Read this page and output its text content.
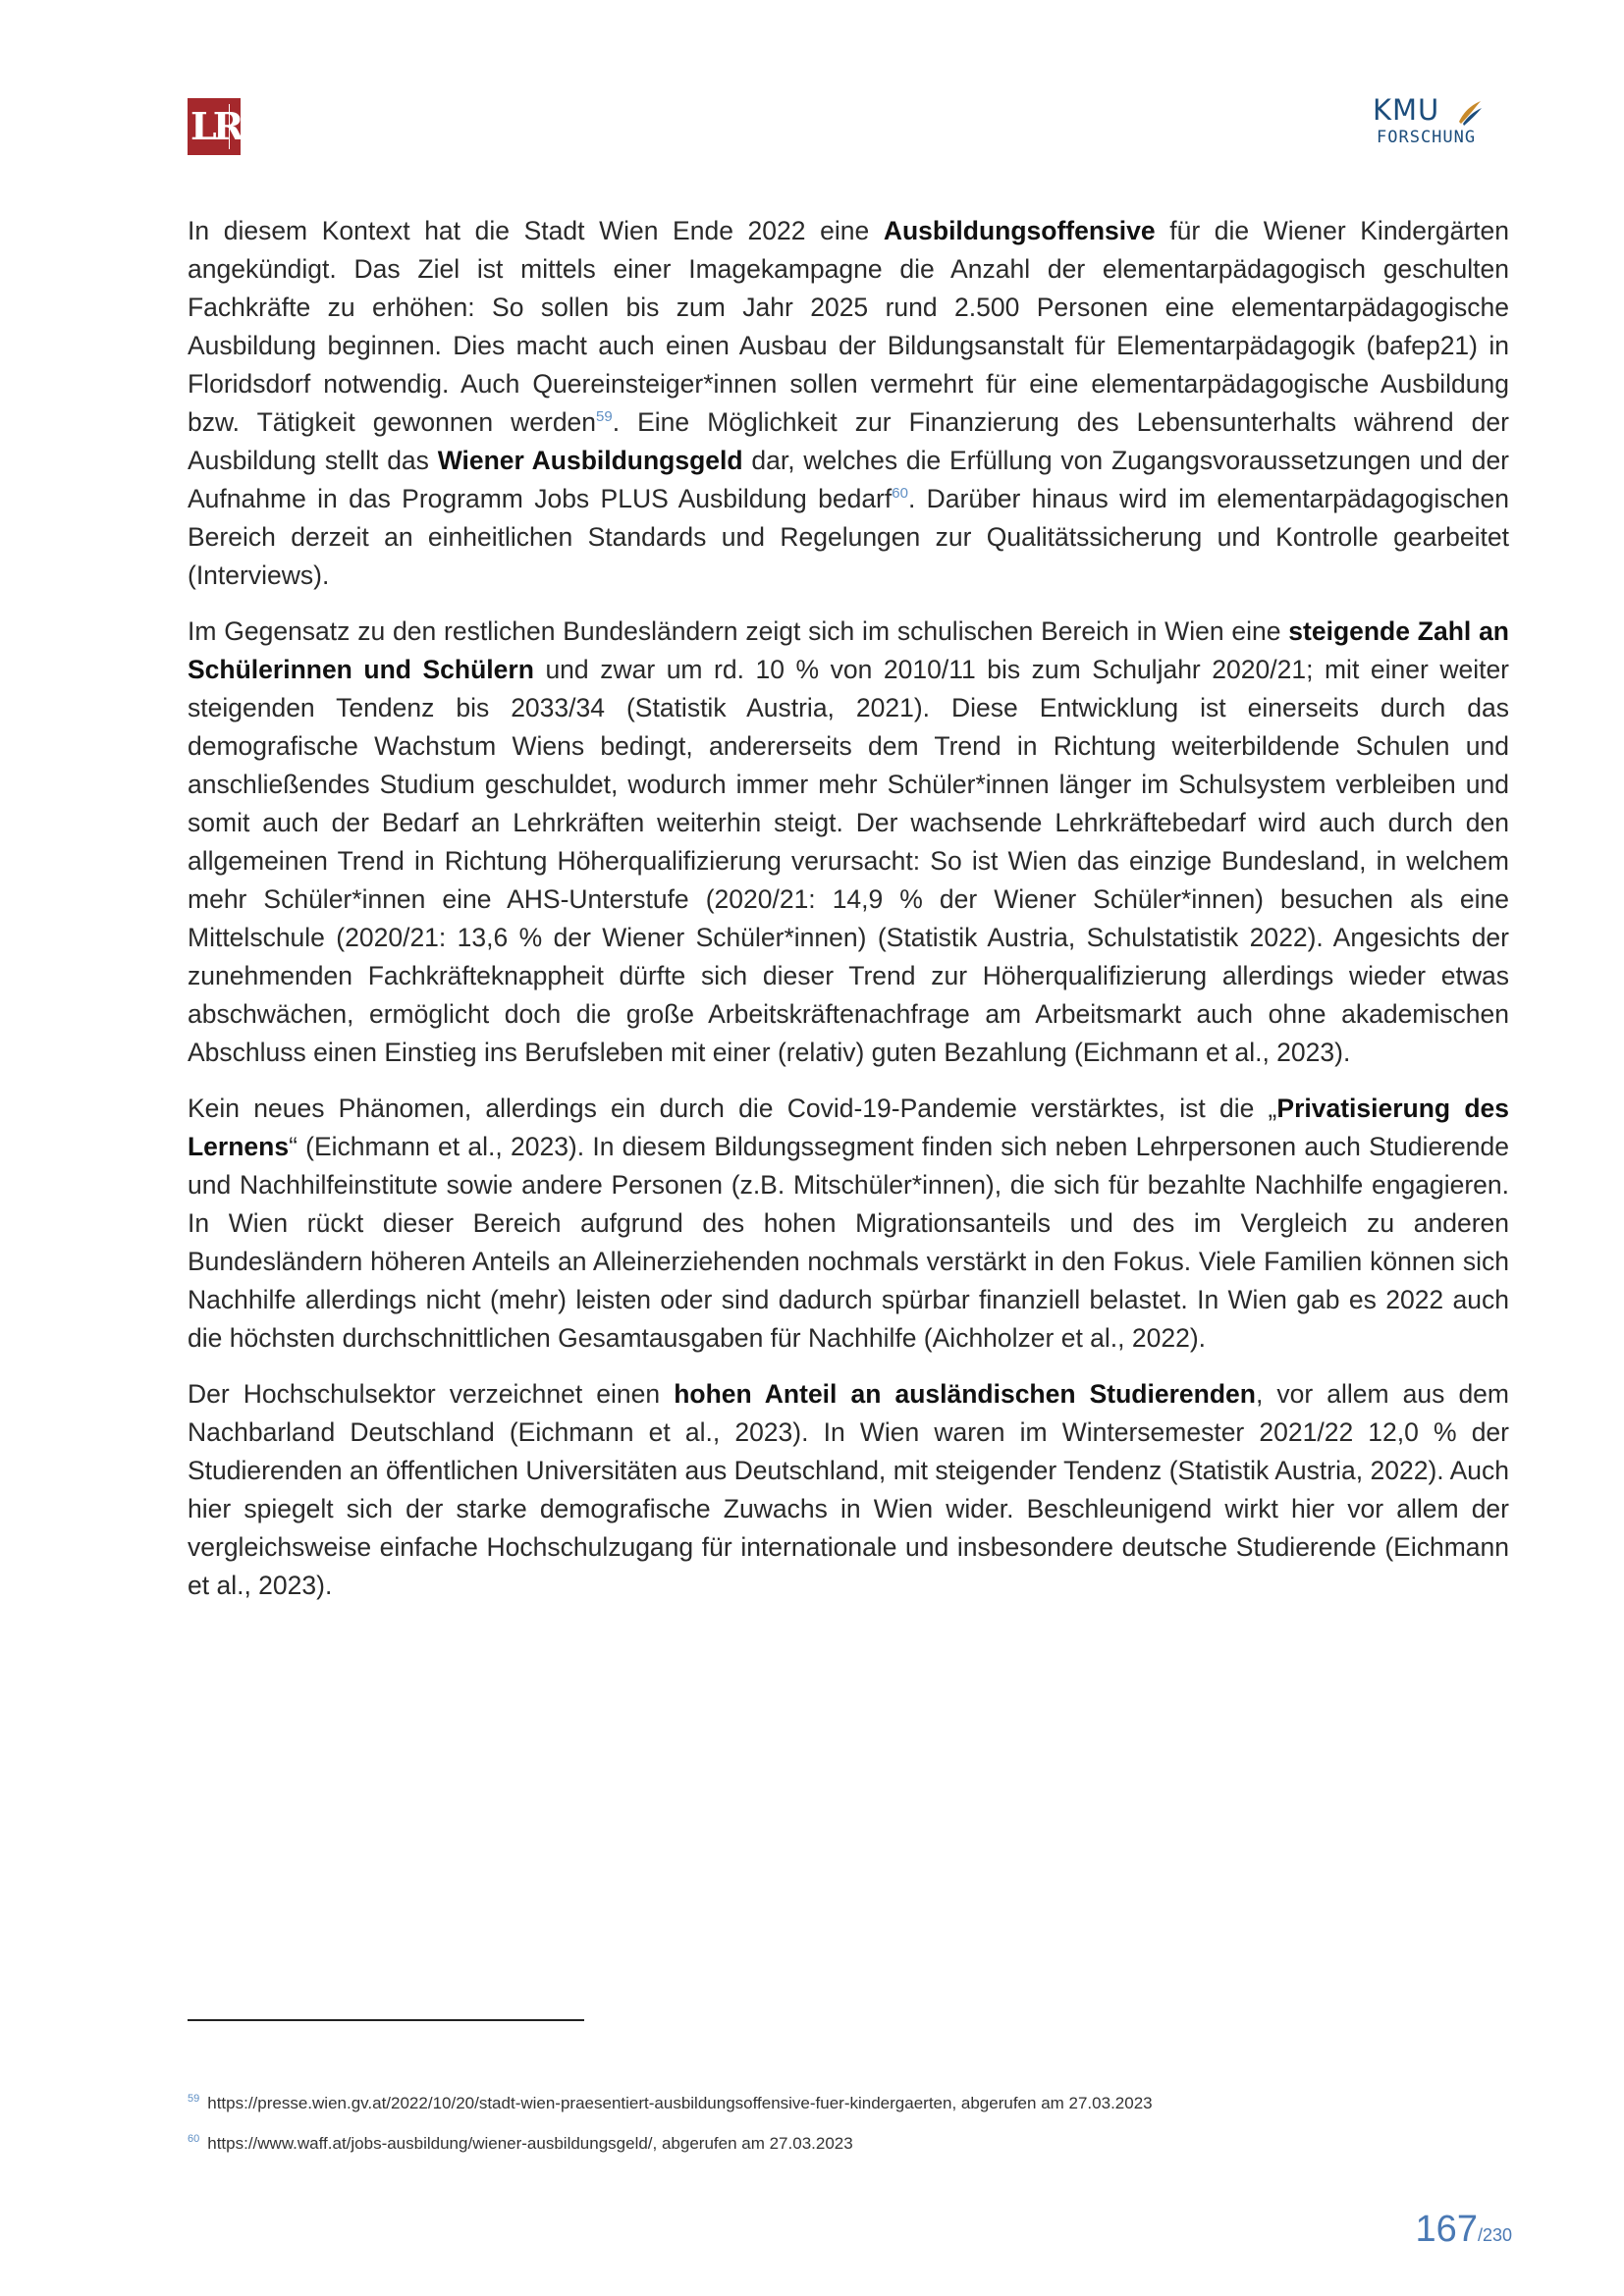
LR	KMU
FORSCHUNG

In diesem Kontext hat die Stadt Wien Ende 2022 eine Ausbildungsoffensive für die Wiener Kindergärten angekündigt. Das Ziel ist mittels einer Imagekampagne die Anzahl der elementarpädagogisch geschulten Fachkräfte zu erhöhen: So sollen bis zum Jahr 2025 rund 2.500 Personen eine elementarpädagogische Ausbildung beginnen. Dies macht auch einen Ausbau der Bildungsanstalt für Elementarpädagogik (bafep21) in Floridsdorf notwendig. Auch Quereinsteiger*innen sollen vermehrt für eine elementarpädagogische Ausbildung bzw. Tätigkeit gewonnen werden$^{59}$. Eine Möglichkeit zur Finanzierung des Lebensunterhalts während der Ausbildung stellt das Wiener Ausbildungsgeld dar, welches die Erfüllung von Zugangsvoraussetzungen und der Aufnahme in das Programm Jobs PLUS Ausbildung bedarf$^{60}$. Darüber hinaus wird im elementarpädagogischen Bereich derzeit an einheitlichen Standards und Regelungen zur Qualitätssicherung und Kontrolle gearbeitet (Interviews).

Im Gegensatz zu den restlichen Bundesländern zeigt sich im schulischen Bereich in Wien eine steigende Zahl an Schülerinnen und Schülern und zwar um rd. 10 % von 2010/11 bis zum Schuljahr 2020/21; mit einer weiter steigenden Tendenz bis 2033/34 (Statistik Austria, 2021). Diese Entwicklung ist einerseits durch das demografische Wachstum Wiens bedingt, andererseits dem Trend in Richtung weiterbildende Schulen und anschließendes Studium geschuldet, wodurch immer mehr Schüler*innen länger im Schulsystem verbleiben und somit auch der Bedarf an Lehrkräften weiterhin steigt. Der wachsende Lehrkräftebedarf wird auch durch den allgemeinen Trend in Richtung Höherqualifizierung verursacht: So ist Wien das einzige Bundesland, in welchem mehr Schüler*innen eine AHS-Unterstufe (2020/21: 14,9 % der Wiener Schüler*innen) besuchen als eine Mittelschule (2020/21: 13,6 % der Wiener Schüler*innen) (Statistik Austria, Schulstatistik 2022). Angesichts der zunehmenden Fachkräfteknappheit dürfte sich dieser Trend zur Höherqualifizierung allerdings wieder etwas abschwächen, ermöglicht doch die große Arbeitskräftenachfrage am Arbeitsmarkt auch ohne akademischen Abschluss einen Einstieg ins Berufsleben mit einer (relativ) guten Bezahlung (Eichmann et al., 2023).

Kein neues Phänomen, allerdings ein durch die Covid-19-Pandemie verstärktes, ist die „Privatisierung des Lernens“ (Eichmann et al., 2023). In diesem Bildungssegment finden sich neben Lehrpersonen auch Studierende und Nachhilfeinstitute sowie andere Personen (z.B. Mitschüler*innen), die sich für bezahlte Nachhilfe engagieren. In Wien rückt dieser Bereich aufgrund des hohen Migrationsanteils und des im Vergleich zu anderen Bundesländern höheren Anteils an Alleinerziehenden nochmals verstärkt in den Fokus. Viele Familien können sich Nachhilfe allerdings nicht (mehr) leisten oder sind dadurch spürbar finanziell belastet. In Wien gab es 2022 auch die höchsten durchschnittlichen Gesamtausgaben für Nachhilfe (Aichholzer et al., 2022).

Der Hochschulsektor verzeichnet einen hohen Anteil an ausländischen Studierenden, vor allem aus dem Nachbarland Deutschland (Eichmann et al., 2023). In Wien waren im Wintersemester 2021/22 12,0 % der Studierenden an öffentlichen Universitäten aus Deutschland, mit steigender Tendenz (Statistik Austria, 2022). Auch hier spiegelt sich der starke demografische Zuwachs in Wien wider. Beschleunigend wirkt hier vor allem der vergleichsweise einfache Hochschulzugang für internationale und insbesondere deutsche Studierende (Eichmann et al., 2023).

$^{59}$ https://presse.wien.gv.at/2022/10/20/stadt-wien-praesentiert-ausbildungsoffensive-fuer-kindergaerten, abgerufen am 27.03.2023
$^{60}$ https://www.waff.at/jobs-ausbildung/wiener-ausbildungsgeld/, abgerufen am 27.03.2023
167/230
